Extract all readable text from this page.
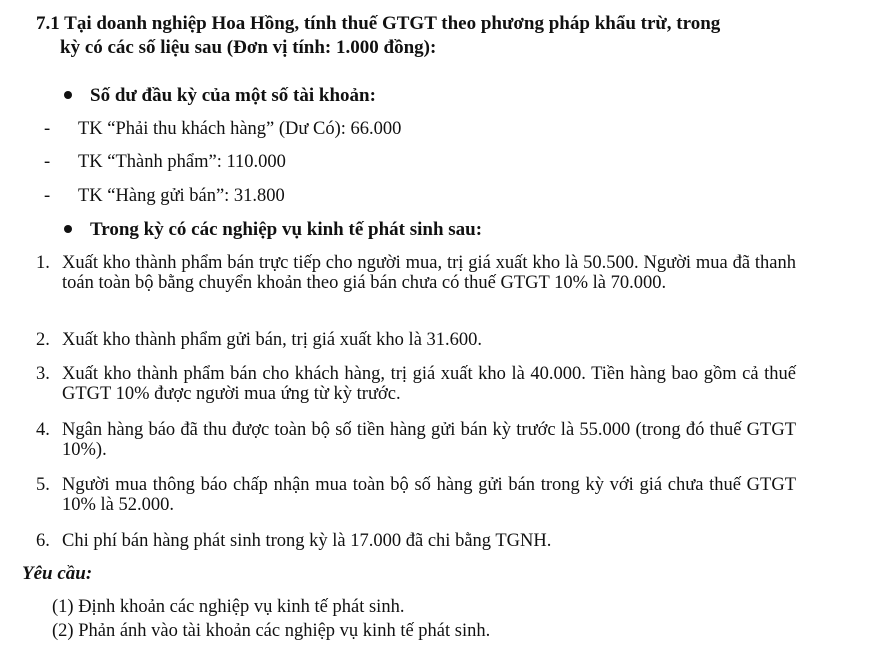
7.1 Tại doanh nghiệp Hoa Hồng, tính thuế GTGT theo phương pháp khẩu trừ, trong
kỳ có các số liệu sau (Đơn vị tính: 1.000 đồng):
Số dư đầu kỳ của một số tài khoản:
- TK “Phải thu khách hàng” (Dư Có): 66.000
- TK “Thành phẩm”: 110.000
- TK “Hàng gửi bán”: 31.800
Trong kỳ có các nghiệp vụ kinh tế phát sinh sau:
1. Xuất kho thành phẩm bán trực tiếp cho người mua, trị giá xuất kho là 50.500. Người mua đã thanh toán toàn bộ bằng chuyển khoản theo giá bán chưa có thuế GTGT 10% là 70.000.
2. Xuất kho thành phẩm gửi bán, trị giá xuất kho là 31.600.
3. Xuất kho thành phẩm bán cho khách hàng, trị giá xuất kho là 40.000. Tiền hàng bao gồm cả thuế GTGT 10% được người mua ứng từ kỳ trước.
4. Ngân hàng báo đã thu được toàn bộ số tiền hàng gửi bán kỳ trước là 55.000 (trong đó thuế GTGT 10%).
5. Người mua thông báo chấp nhận mua toàn bộ số hàng gửi bán trong kỳ với giá chưa thuế GTGT 10% là 52.000.
6. Chi phí bán hàng phát sinh trong kỳ là 17.000 đã chi bằng TGNH.
Yêu cầu:
(1) Định khoản các nghiệp vụ kinh tế phát sinh.
(2) Phản ánh vào tài khoản các nghiệp vụ kinh tế phát sinh.
